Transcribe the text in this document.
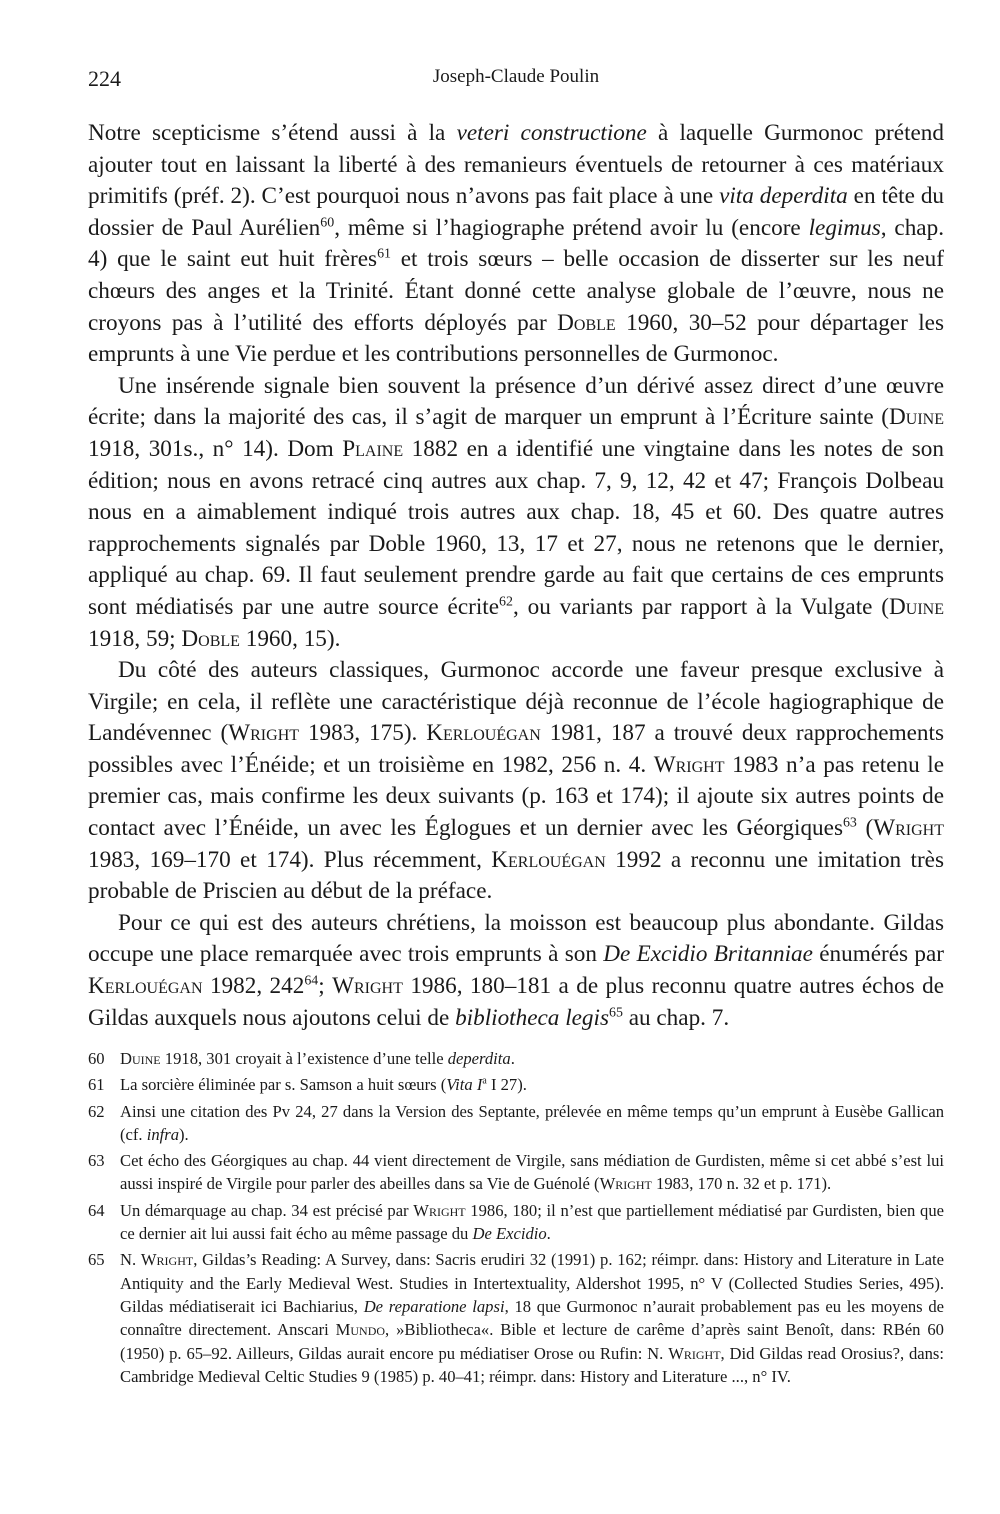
224	Joseph-Claude Poulin

Notre scepticisme s’étend aussi à la veteri constructione à laquelle Gurmonoc prétend ajouter tout en laissant la liberté à des remanieurs éventuels de retourner à ces matériaux primitifs (préf. 2). C’est pourquoi nous n’avons pas fait place à une vita deperdita en tête du dossier de Paul Aurélien$^{60}$, même si l’hagiographe prétend avoir lu (encore legimus, chap. 4) que le saint eut huit frères$^{61}$ et trois sœurs – belle occasion de disserter sur les neuf chœurs des anges et la Trinité. Étant donné cette analyse globale de l’œuvre, nous ne croyons pas à l’utilité des efforts déployés par Doble 1960, 30–52 pour départager les emprunts à une Vie perdue et les contributions personnelles de Gurmonoc.

Une insérende signale bien souvent la présence d’un dérivé assez direct d’une œuvre écrite; dans la majorité des cas, il s’agit de marquer un emprunt à l’Écriture sainte (Duine 1918, 301s., n° 14). Dom Plaine 1882 en a identifié une vingtaine dans les notes de son édition; nous en avons retracé cinq autres aux chap. 7, 9, 12, 42 et 47; François Dolbeau nous en a aimablement indiqué trois autres aux chap. 18, 45 et 60. Des quatre autres rapprochements signalés par Doble 1960, 13, 17 et 27, nous ne retenons que le dernier, appliqué au chap. 69. Il faut seulement prendre garde au fait que certains de ces emprunts sont médiatisés par une autre source écrite$^{62}$, ou variants par rapport à la Vulgate (Duine 1918, 59; Doble 1960, 15).

Du côté des auteurs classiques, Gurmonoc accorde une faveur presque exclusive à Virgile; en cela, il reflète une caractéristique déjà reconnue de l’école hagiographique de Landévennec (Wright 1983, 175). Kerlouégan 1981, 187 a trouvé deux rapprochements possibles avec l’Énéide; et un troisième en 1982, 256 n. 4. Wright 1983 n’a pas retenu le premier cas, mais confirme les deux suivants (p. 163 et 174); il ajoute six autres points de contact avec l’Énéide, un avec les Églogues et un dernier avec les Géorgiques$^{63}$ (Wright 1983, 169–170 et 174). Plus récemment, Kerlouégan 1992 a reconnu une imitation très probable de Priscien au début de la préface.

Pour ce qui est des auteurs chrétiens, la moisson est beaucoup plus abondante. Gildas occupe une place remarquée avec trois emprunts à son De Excidio Britanniae énumérés par Kerlouégan 1982, $242^{64}$; Wright 1986, 180–181 a de plus reconnu quatre autres échos de Gildas auxquels nous ajoutons celui de bibliotheca legis$^{65}$ au chap. 7.

60 Duine 1918, 301 croyait à l’existence d’une telle deperdita.
61 La sorcière éliminée par s. Samson a huit sœurs (Vita $I^a$ I 27).
62 Ainsi une citation des Pv 24, 27 dans la Version des Septante, prélevée en même temps qu’un emprunt à Eusèbe Gallican (cf. infra).
63 Cet écho des Géorgiques au chap. 44 vient directement de Virgile, sans médiation de Gurdisten, même si cet abbé s’est lui aussi inspiré de Virgile pour parler des abeilles dans sa Vie de Guénolé (Wright 1983, 170 n. 32 et p. 171).
64 Un démarquage au chap. 34 est précisé par Wright 1986, 180; il n’est que partiellement médiatisé par Gurdisten, bien que ce dernier ait lui aussi fait écho au même passage du De Excidio.
65 N. Wright, Gildas’s Reading: A Survey, dans: Sacris erudiri 32 (1991) p. 162; réimpr. dans: History and Literature in Late Antiquity and the Early Medieval West. Studies in Intertextuality, Aldershot 1995, n° V (Collected Studies Series, 495). Gildas médiatiserait ici Bachiarius, De reparatione lapsi, 18 que Gurmonoc n’aurait probablement pas eu les moyens de connaître directement. Anscari Mundo, »Bibliotheca«. Bible et lecture de carême d’après saint Benoît, dans: RBén 60 (1950) p. 65–92. Ailleurs, Gildas aurait encore pu médiatiser Orose ou Rufin: N. Wright, Did Gildas read Orosius?, dans: Cambridge Medieval Celtic Studies 9 (1985) p. 40–41; réimpr. dans: History and Literature ..., n° IV.
